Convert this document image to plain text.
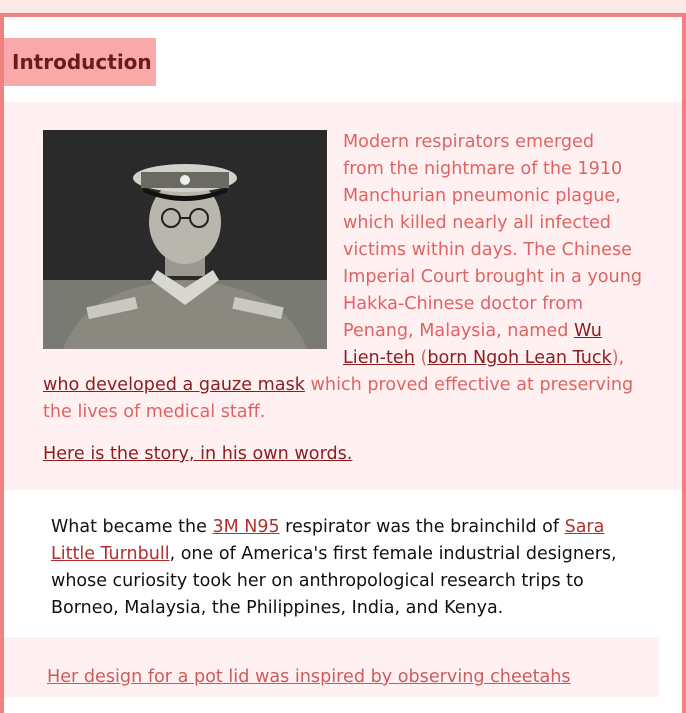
Introduction
Modern respirators emerged
from the nightmare of the 1910
Manchurian pneumonic plague,
which killed nearly all infected
victims within days. The Chinese
Imperial Court brought in a young
Hakka-Chinese doctor from
Penang, Malaysia, named Wu
Lien-teh (born Ngoh Lean Tuck),
who developed a gauze mask which proved effective at preserving
the lives of medical staff.
Here is the story, in his own words.
What became the 3M N95 respirator was the brainchild of Sara
Little Turnbull, one of America's first female industrial designers,
whose curiosity took her on anthropological research trips to
Borneo, Malaysia, the Philippines, India, and Kenya.
Her design for a pot lid was inspired by observing cheetahs
